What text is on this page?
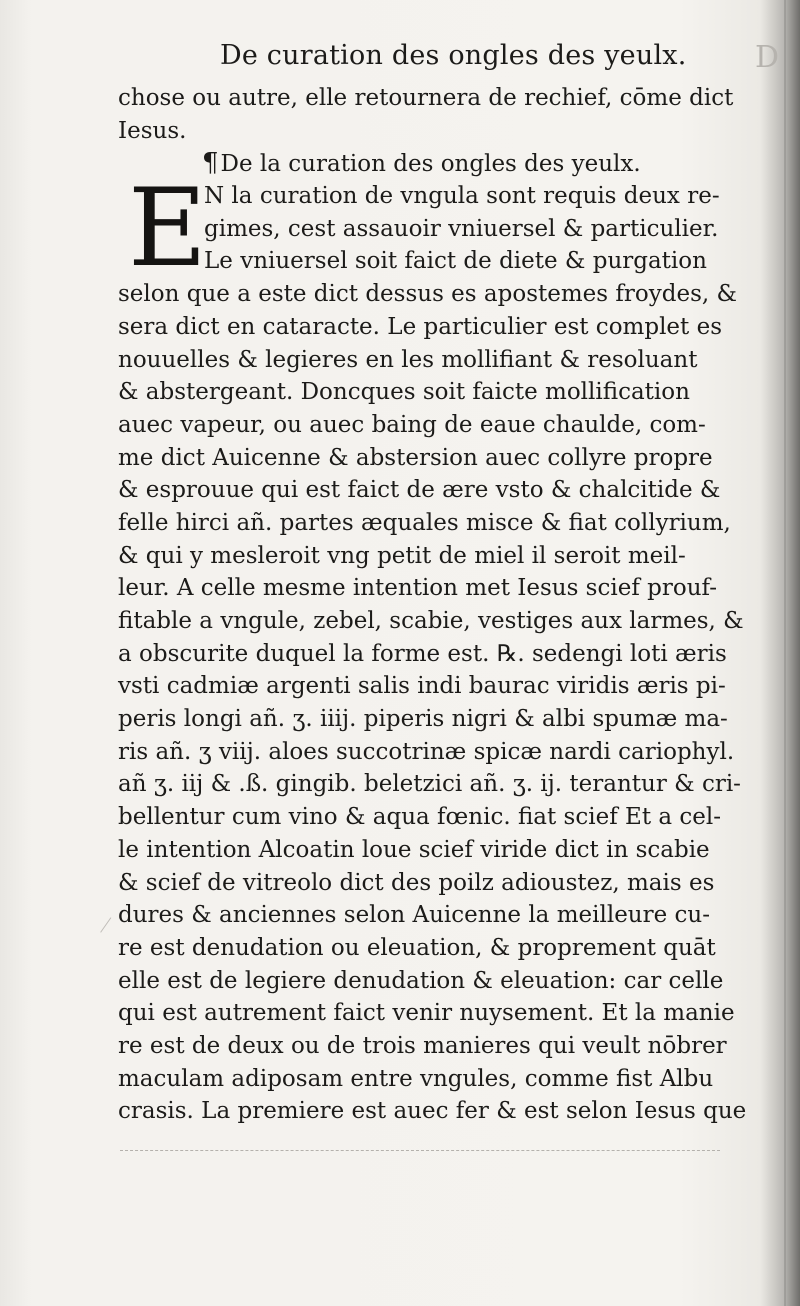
De curation des ongles des yeulx. D
E
chose ou autre, elle retournera de rechief, cōme dict
Iesus.
¶De la curation des ongles des yeulx.
N la curation de vngula sont requis deux re-
gimes, cest assauoir vniuersel & particulier.
Le vniuersel soit faict de diete & purgation
selon que a este dict dessus es apostemes froydes, &
sera dict en cataracte. Le particulier est complet es
nouuelles & legieres en les mollifiant & resoluant
& abstergeant. Doncques soit faicte mollification
auec vapeur, ou auec baing de eaue chaulde, com-
me dict Auicenne & abstersion auec collyre propre
& esprouue qui est faict de ære vsto & chalcitide &
felle hirci añ. partes æquales misce & fiat collyrium,
& qui y mesleroit vng petit de miel il seroit meil-
leur. A celle mesme intention met Iesus scief prouf-
fitable a vngule, zebel, scabie, vestiges aux larmes, &
a obscurite duquel la forme est. ℞. sedengi loti æris
vsti cadmiæ argenti salis indi baurac viridis æris pi-
peris longi añ. ʒ. iiij. piperis nigri & albi spumæ ma-
ris añ. ʒ viij. aloes succotrinæ spicæ nardi cariophyl.
añ ʒ. iij & .ß. gingib. beletzici añ. ʒ. ij. terantur & cri-
bellentur cum vino & aqua fœnic. fiat scief Et a cel-
le intention Alcoatin loue scief viride dict in scabie
& scief de vitreolo dict des poilz adioustez, mais es
dures & anciennes selon Auicenne la meilleure cu-
re est denudation ou eleuation, & proprement quāt
elle est de legiere denudation & eleuation: car celle
qui est autrement faict venir nuysement. Et la manie
re est de deux ou de trois manieres qui veult nōbrer
maculam adiposam entre vngules, comme fist Albu
crasis. La premiere est auec fer & est selon Iesus que
